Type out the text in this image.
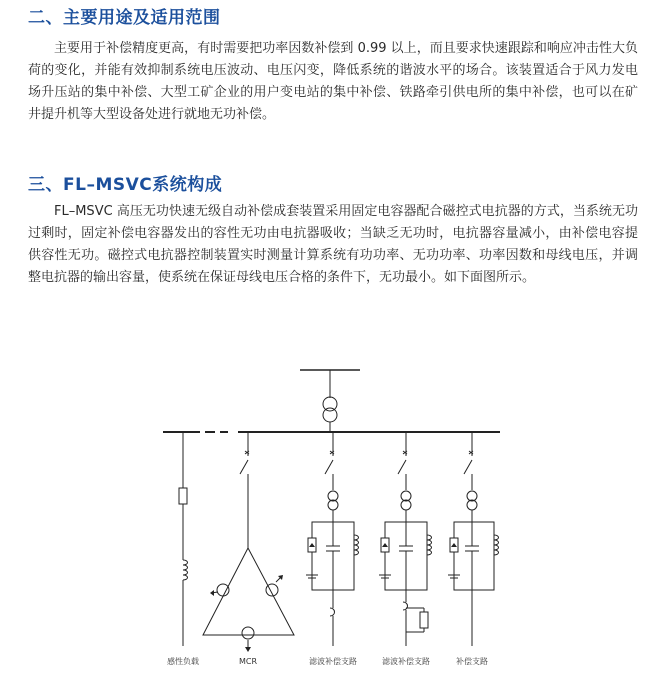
二、主要用途及适用范围
主要用于补偿精度更高，有时需要把功率因数补偿到 0.99 以上，而且要求快速跟踪和响应冲击性大负荷的变化，并能有效抑制系统电压波动、电压闪变，降低系统的谐波水平的场合。该装置适合于风力发电场升压站的集中补偿、大型工矿企业的用户变电站的集中补偿、铁路牵引供电所的集中补偿，也可以在矿井提升机等大型设备处进行就地无功补偿。
三、FL–MSVC系统构成
FL–MSVC 高压无功快速无级自动补偿成套装置采用固定电容器配合磁控式电抗器的方式，当系统无功过剩时，固定补偿电容器发出的容性无功由电抗器吸收；当缺乏无功时，电抗器容量减小，由补偿电容提供容性无功。磁控式电抗器控制装置实时测量计算系统有功功率、无功功率、功率因数和母线电压，并调整电抗器的输出容量，使系统在保证母线电压合格的条件下，无功最小。如下面图所示。
感性负载	MCR	滤波补偿支路	滤波补偿支路	补偿支路
